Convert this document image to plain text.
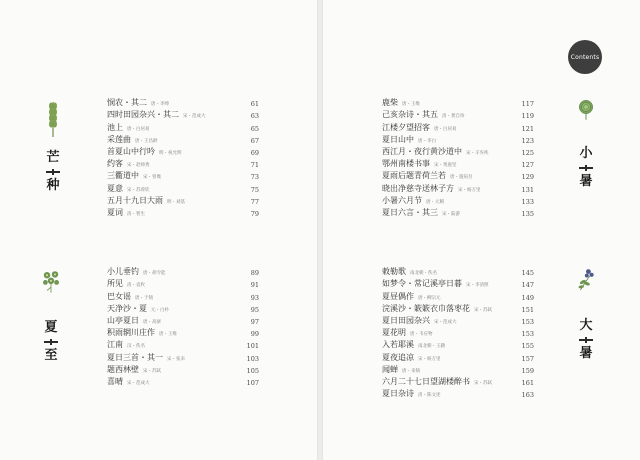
Contents
芒
种
悯农・其二 唐・李绅	61
四时田园杂兴・其二 宋・范成大	63
池上 唐・白居易	65
采莲曲 唐・王昌龄	67
首夏山中行吟 明・祝允明	69
约客 宋・赵师秀	71
三衢道中 宋・曾幾	73
夏意 宋・苏舜钦	75
五月十九日大雨 明・刘基	77
夏词 清・智生	79
夏
至
小儿垂钓 唐・胡令能	89
所见 清・袁枚	91
巴女谣 唐・于鹄	93
天净沙・夏 元・白朴	95
山亭夏日 唐・高骈	97
积雨辋川庄作 唐・王维	99
江南 汉・佚名	101
夏日三首・其一 宋・张耒	103
题西林壁 宋・苏轼	105
喜晴 宋・范成大	107
鹿柴 唐・王维	117
己亥杂诗・其五 清・龚自珍	119
江楼夕望招客 唐・白居易	121
夏日山中 唐・李白	123
西江月・夜行黄沙道中 宋・辛弃疾	125
鄂州南楼书事 宋・黄庭坚	127
夏雨后题青荷兰若 唐・施肩吾	129
晓出净慈寺送林子方 宋・杨万里	131
小暑六月节 唐・元稹	133
夏日六言・其三 宋・陆游	135
小
暑
敕勒歌 南北朝・佚名	145
如梦令・常记溪亭日暮 宋・李清照	147
夏昼偶作 唐・柳宗元	149
浣溪沙・簌簌衣巾落枣花 宋・苏轼	151
夏日田园杂兴 宋・范成大	153
夏花明 唐・韦应物	153
入若耶溪 南北朝・王籍	155
夏夜追凉 宋・杨万里	157
闻蝉 唐・来鹄	159
六月二十七日望湖楼醉书 宋・苏轼	161
夏日杂诗 清・陈文述	163
大
暑
